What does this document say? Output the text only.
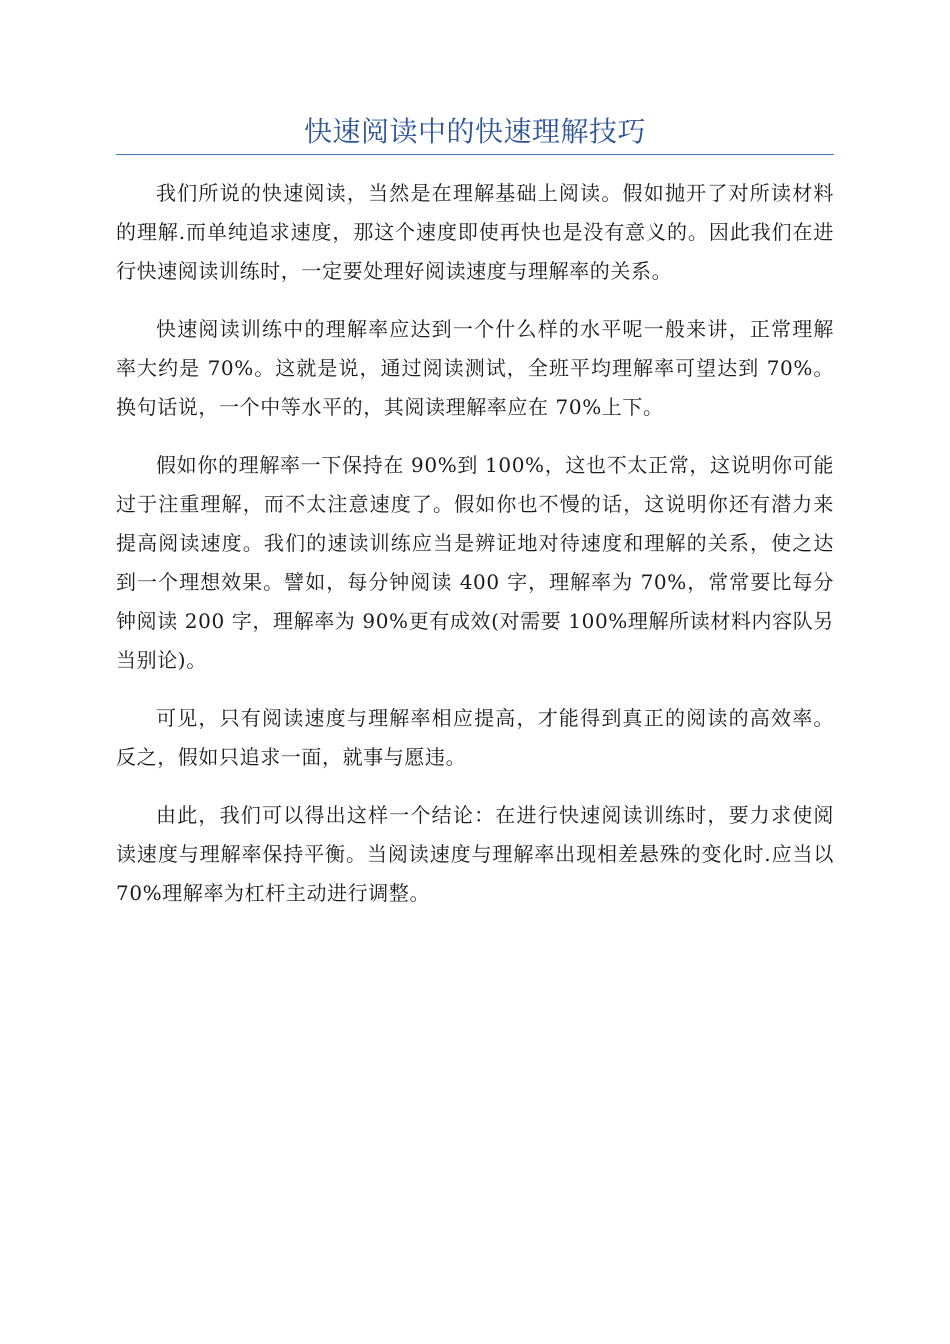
快速阅读中的快速理解技巧

我们所说的快速阅读，当然是在理解基础上阅读。假如抛开了对所读材料的理解.而单纯追求速度，那这个速度即使再快也是没有意义的。因此我们在进行快速阅读训练时，一定要处理好阅读速度与理解率的关系。

快速阅读训练中的理解率应达到一个什么样的水平呢一般来讲，正常理解率大约是 70%。这就是说，通过阅读测试，全班平均理解率可望达到 70%。换句话说，一个中等水平的，其阅读理解率应在 70%上下。

假如你的理解率一下保持在 90%到 100%，这也不太正常，这说明你可能过于注重理解，而不太注意速度了。假如你也不慢的话，这说明你还有潜力来提高阅读速度。我们的速读训练应当是辨证地对待速度和理解的关系，使之达到一个理想效果。譬如，每分钟阅读 400 字，理解率为 70%，常常要比每分钟阅读 200 字，理解率为 90%更有成效(对需要 100%理解所读材料内容队另当别论)。

可见，只有阅读速度与理解率相应提高，才能得到真正的阅读的高效率。反之，假如只追求一面，就事与愿违。

由此，我们可以得出这样一个结论：在进行快速阅读训练时，要力求使阅读速度与理解率保持平衡。当阅读速度与理解率出现相差悬殊的变化时.应当以 70%理解率为杠杆主动进行调整。
